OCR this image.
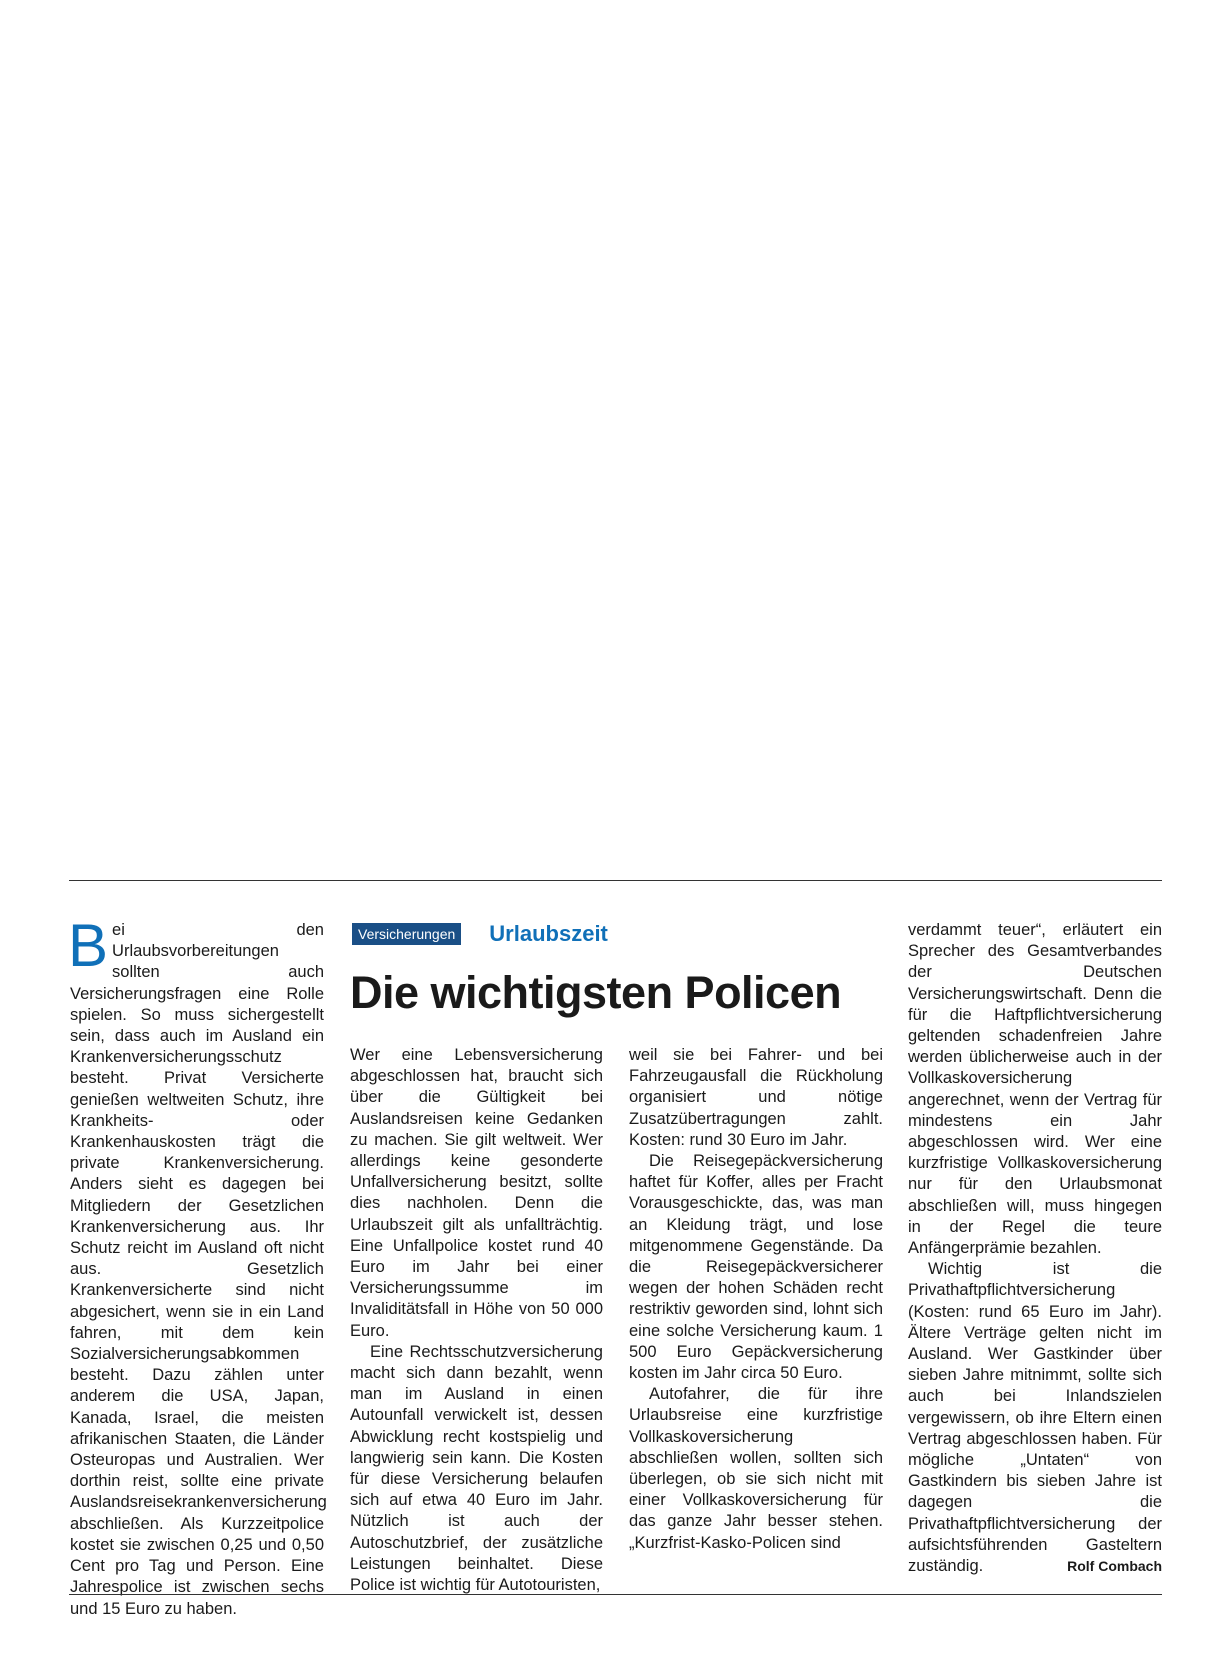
Bei den Urlaubsvorbereitungen sollten auch Versicherungsfragen eine Rolle spielen. So muss sichergestellt sein, dass auch im Ausland ein Krankenversicherungsschutz besteht. Privat Versicherte genießen weltweiten Schutz, ihre Krankheits- oder Krankenhauskosten trägt die private Krankenversicherung. Anders sieht es dagegen bei Mitgliedern der Gesetzlichen Krankenversicherung aus. Ihr Schutz reicht im Ausland oft nicht aus. Gesetzlich Krankenversicherte sind nicht abgesichert, wenn sie in ein Land fahren, mit dem kein Sozialversicherungsabkommen besteht. Dazu zählen unter anderem die USA, Japan, Kanada, Israel, die meisten afrikanischen Staaten, die Länder Osteuropas und Australien. Wer dorthin reist, sollte eine private Auslandsreisekrankenversicherung abschließen. Als Kurzzeitpolice kostet sie zwischen 0,25 und 0,50 Cent pro Tag und Person. Eine Jahrespolice ist zwischen sechs und 15 Euro zu haben.

Versicherungen Urlaubszeit
Die wichtigsten Policen

Wer eine Lebensversicherung abgeschlossen hat, braucht sich über die Gültigkeit bei Auslandsreisen keine Gedanken zu machen. Sie gilt weltweit. Wer allerdings keine gesonderte Unfallversicherung besitzt, sollte dies nachholen. Denn die Urlaubszeit gilt als unfallträchtig. Eine Unfallpolice kostet rund 40 Euro im Jahr bei einer Versicherungssumme im Invaliditätsfall in Höhe von 50 000 Euro.

Eine Rechtsschutzversicherung macht sich dann bezahlt, wenn man im Ausland in einen Autounfall verwickelt ist, dessen Abwicklung recht kostspielig und langwierig sein kann. Die Kosten für diese Versicherung belaufen sich auf etwa 40 Euro im Jahr. Nützlich ist auch der Autoschutzbrief, der zusätzliche Leistungen beinhaltet. Diese Police ist wichtig für Autotouristen,

weil sie bei Fahrer- und bei Fahrzeugausfall die Rückholung organisiert und nötige Zusatzübertragungen zahlt. Kosten: rund 30 Euro im Jahr.

Die Reisegepäckversicherung haftet für Koffer, alles per Fracht Vorausgeschickte, das, was man an Kleidung trägt, und lose mitgenommene Gegenstände. Da die Reisegepäckversicherer wegen der hohen Schäden recht restriktiv geworden sind, lohnt sich eine solche Versicherung kaum. 1 500 Euro Gepäckversicherung kosten im Jahr circa 50 Euro.

Autofahrer, die für ihre Urlaubsreise eine kurzfristige Vollkaskoversicherung abschließen wollen, sollten sich überlegen, ob sie sich nicht mit einer Vollkaskoversicherung für das ganze Jahr besser stehen. „Kurzfrist-Kasko-Policen sind

verdammt teuer“, erläutert ein Sprecher des Gesamtverbandes der Deutschen Versicherungswirtschaft. Denn die für die Haftpflichtversicherung geltenden schadenfreien Jahre werden üblicherweise auch in der Vollkaskoversicherung angerechnet, wenn der Vertrag für mindestens ein Jahr abgeschlossen wird. Wer eine kurzfristige Vollkaskoversicherung nur für den Urlaubsmonat abschließen will, muss hingegen in der Regel die teure Anfängerprämie bezahlen.

Wichtig ist die Privathaftpflichtversicherung (Kosten: rund 65 Euro im Jahr). Ältere Verträge gelten nicht im Ausland. Wer Gastkinder über sieben Jahre mitnimmt, sollte sich auch bei Inlandszielen vergewissern, ob ihre Eltern einen Vertrag abgeschlossen haben. Für mögliche „Untaten“ von Gastkindern bis sieben Jahre ist dagegen die Privathaftpflichtversicherung der aufsichtsführenden Gasteltern zuständig.	Rolf Combach
